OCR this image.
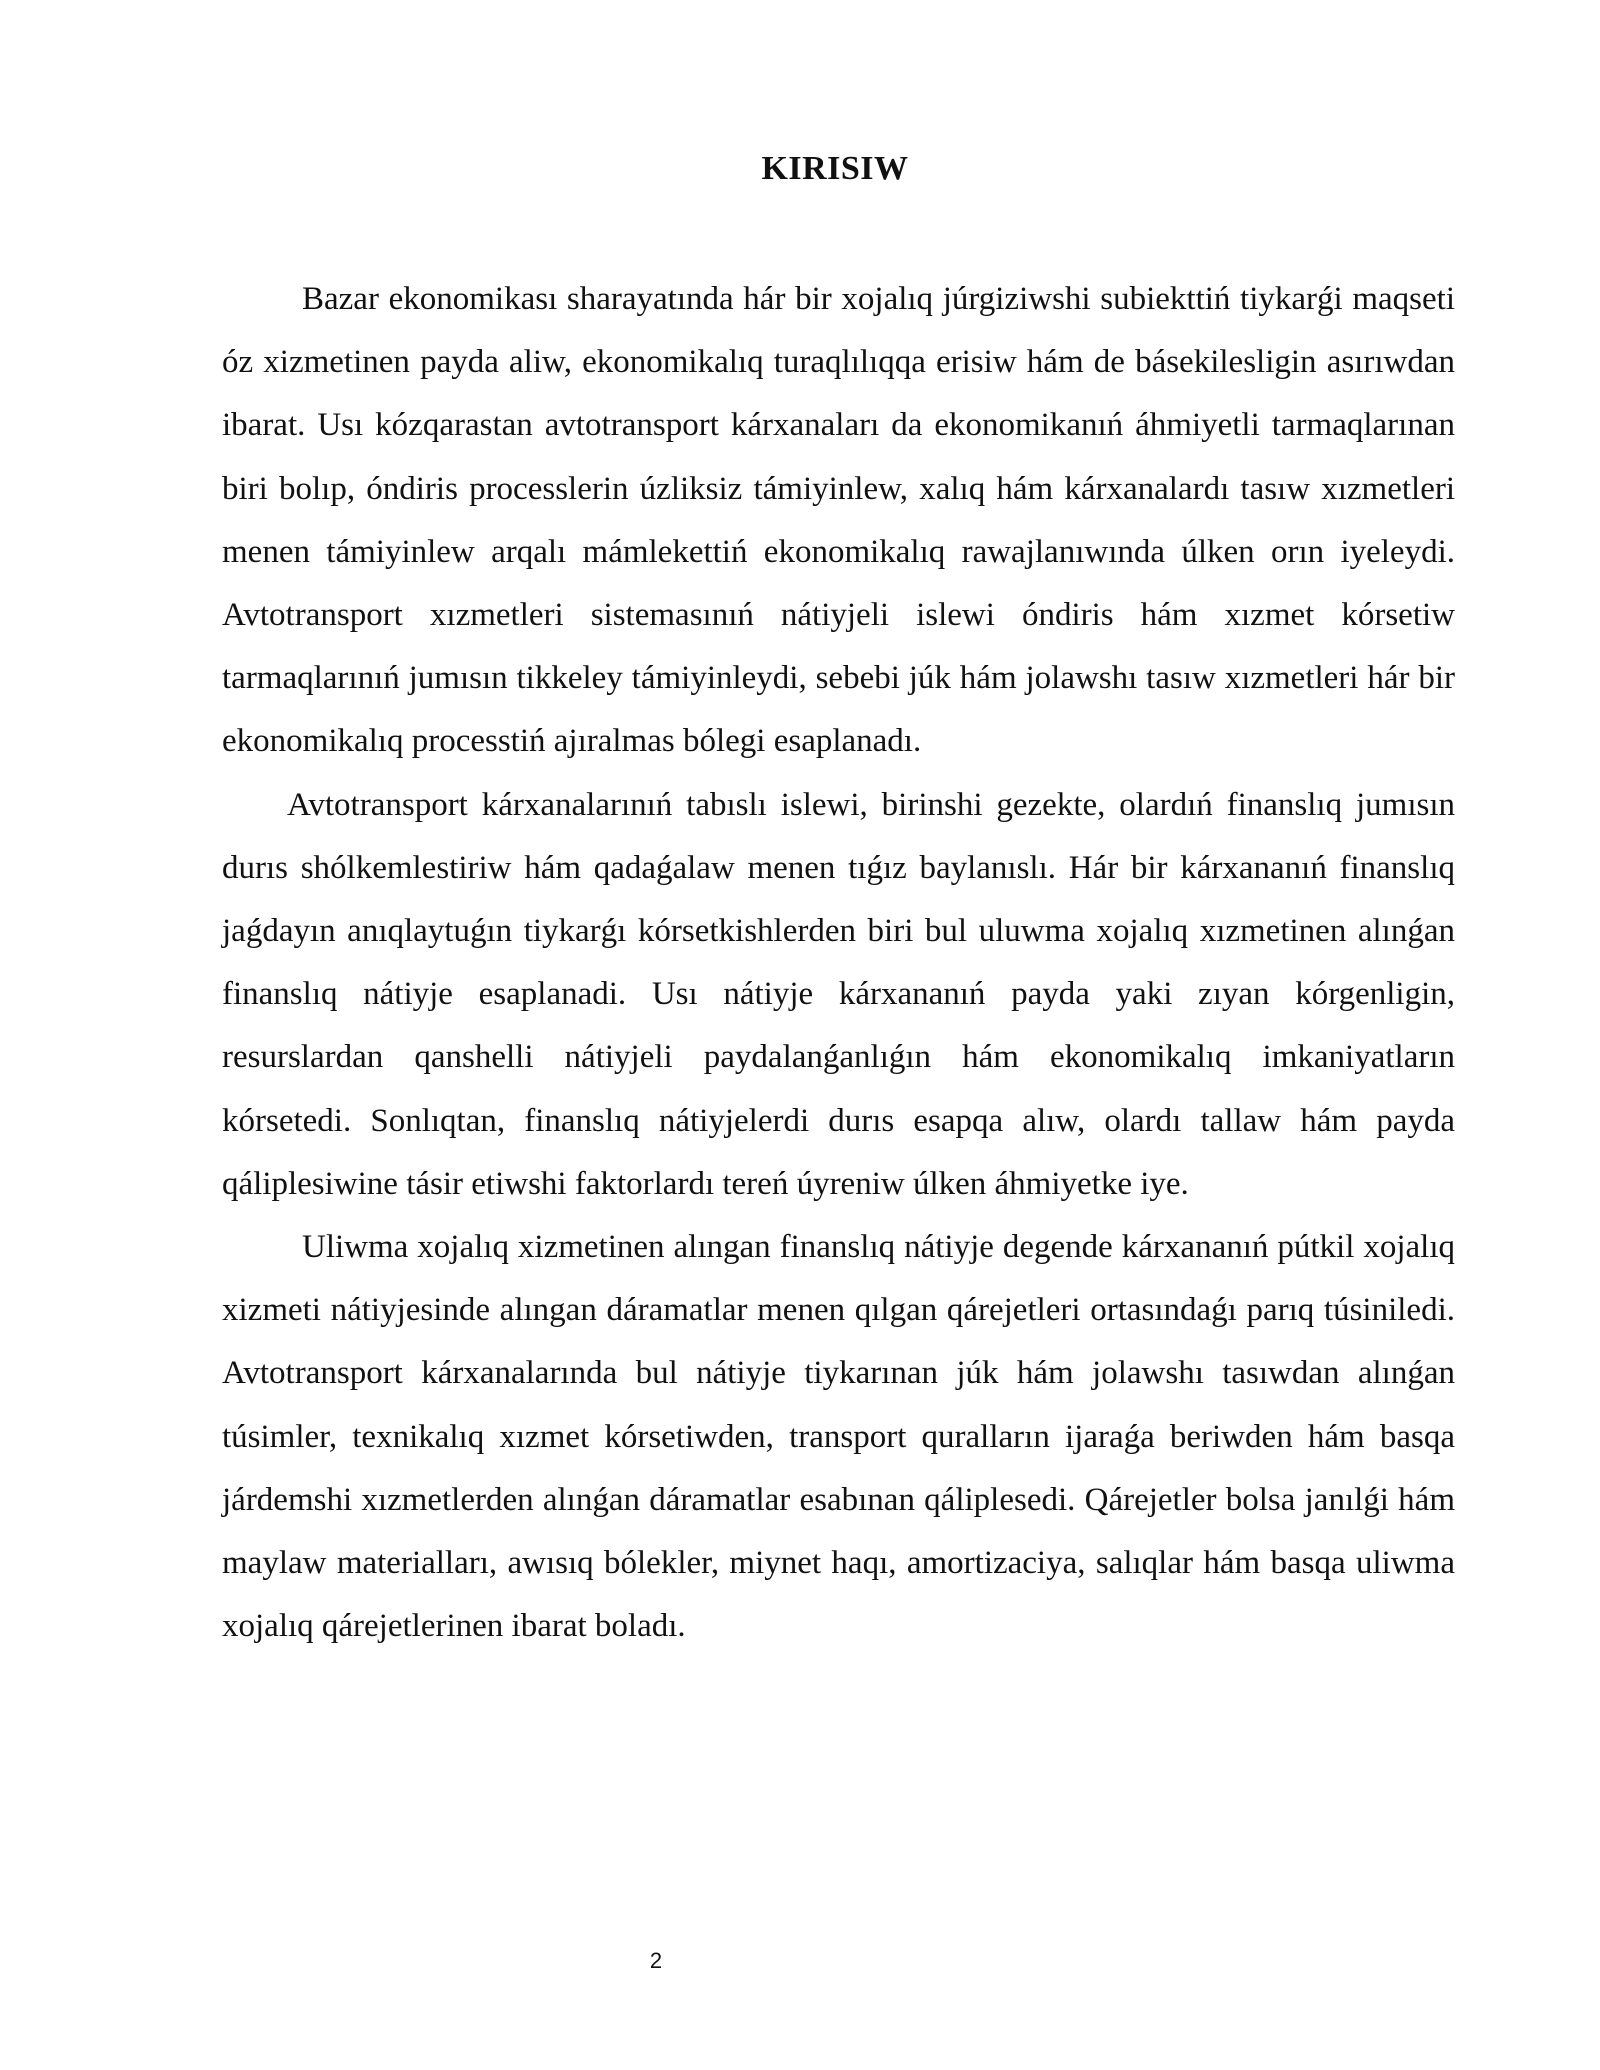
KIRISIW

Bazar ekonomikası sharayatında hár bir xojalıq júrgiziwshi subiekttiń tiykarǵi maqseti óz xizmetinen payda aliw, ekonomikalıq turaqlılıqqa erisiw hám de básekilesligin asırıwdan ibarat. Usı kózqarastan avtotransport kárxanaları da ekonomikanıń áhmiyetli tarmaqlarınan biri bolıp, óndiris processlerin úzliksiz támiyinlew, xalıq hám kárxanalardı tasıw xızmetleri menen támiyinlew arqalı mámlekettiń ekonomikalıq rawajlanıwında úlken orın iyeleydi. Avtotransport xızmetleri sistemasınıń nátiyjeli islewi óndiris hám xızmet kórsetiw tarmaqlarınıń jumısın tikkeley támiyinleydi, sebebi júk hám jolawshı tasıw xızmetleri hár bir ekonomikalıq processtiń ajıralmas bólegi esaplanadı.

Avtotransport kárxanalarınıń tabıslı islewi, birinshi gezekte, olardıń finanslıq jumısın durıs shólkemlestiriw hám qadaǵalaw menen tıǵız baylanıslı. Hár bir kárxananıń finanslıq jaǵdayın anıqlaytuǵın tiykarǵı kórsetkishlerden biri bul uluwma xojalıq xızmetinen alınǵan finanslıq nátiyje esaplanadi. Usı nátiyje kárxananıń payda yaki zıyan kórgenligin, resurslardan qanshelli nátiyjeli paydalanǵanlıǵın hám ekonomikalıq imkaniyatların kórsetedi. Sonlıqtan, finanslıq nátiyjelerdi durıs esapqa alıw, olardı tallaw hám payda qáliplesiwine tásir etiwshi faktorlardı tereń úyreniw úlken áhmiyetke iye.

Uliwma xojalıq xizmetinen alıngan finanslıq nátiyje degende kárxananıń pútkil xojalıq xizmeti nátiyjesinde alıngan dáramatlar menen qılgan qárejetleri ortasındaǵı parıq túsiniledi. Avtotransport kárxanalarında bul nátiyje tiykarınan júk hám jolawshı tasıwdan alınǵan túsimler, texnikalıq xızmet kórsetiwden, transport quralların ijaraǵa beriwden hám basqa járdemshi xızmetlerden alınǵan dáramatlar esabınan qáliplesedi. Qárejetler bolsa janılǵi hám maylaw materialları, awısıq bólekler, miynet haqı, amortizaciya, salıqlar hám basqa uliwma xojalıq qárejetlerinen ibarat boladı.

2
